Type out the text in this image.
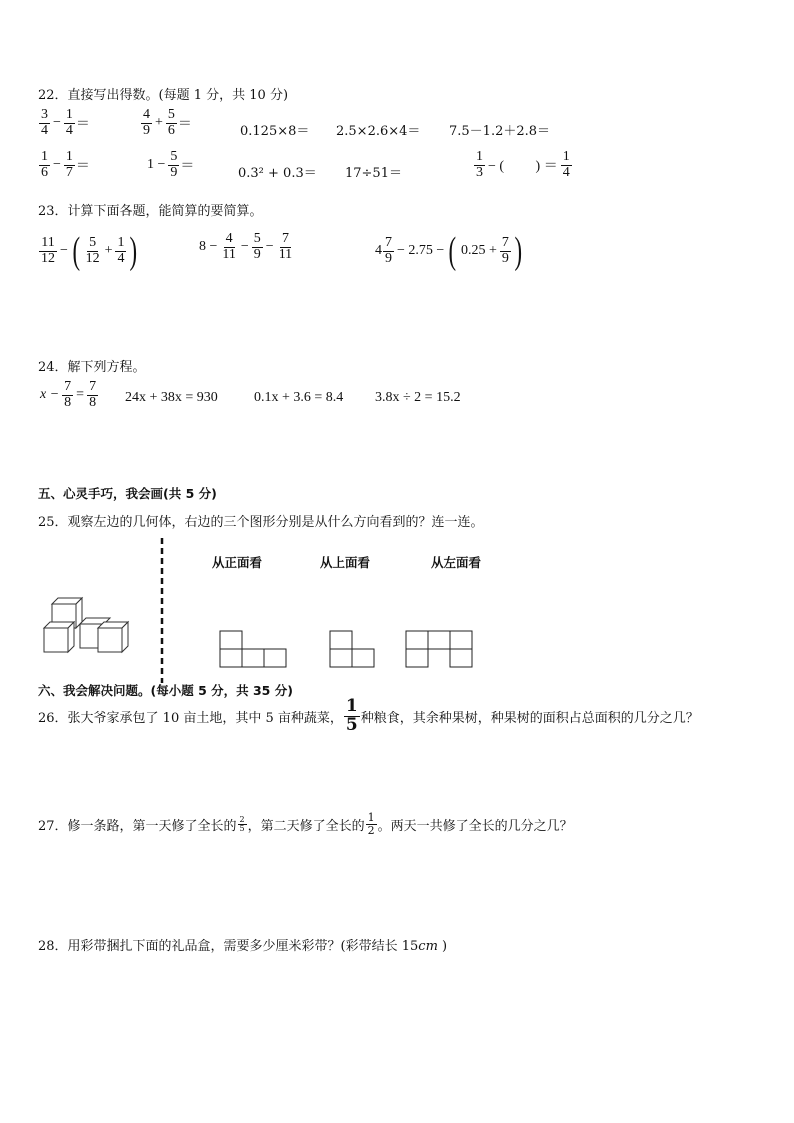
22．直接写出得数。(每题 1 分，共 10 分)
$\frac{3}{4} - \frac{1}{4}$ ＝	$\frac{4}{9} + \frac{5}{6}$ ＝	0.125×8＝ 2.5×2.6×4＝ 7.5－1.2＋2.8＝
$\frac{1}{6} - \frac{1}{7}$ ＝	$1 - \frac{5}{9}$ ＝	0.3² + 0.3＝ 17÷51＝	$\frac{1}{3}$ − (　　 ) ＝ $\frac{1}{4}$
23．计算下面各题，能简算的要简算。
$\frac{11}{12}$ − ( $\frac{5}{12} + \frac{1}{4}$ )	$8 - \frac{4}{11} - \frac{5}{9} - \frac{7}{11}$	$4 \frac{7}{9} - 2.75$ − ( $0.25 + \frac{7}{9}$ )
24．解下列方程。
$x - \frac{7}{8} = \frac{7}{8} 24x + 38x = 930$	0.1x + 3.6 = 8.4 3.8x ÷ 2 = 15.2
五、心灵手巧，我会画(共 5 分)
25．观察左边的几何体，右边的三个图形分别是从什么方向看到的？连一连。
从正面看	从上面看	从左面看
六、我会解决问题。(每小题 5 分，共 35 分)
26．张大爷家承包了 10 亩土地，其中 5 亩种蔬菜， $\frac{1}{5}$ 种粮食，其余种果树，种果树的面积占总面积的几分之几？
27．修一条路，第一天修了全长的 $\frac{2}{5}$ ，第二天修了全长的 $\frac{1}{2}$ 。两天一共修了全长的几分之几？
28．用彩带捆扎下面的礼品盒，需要多少厘米彩带？(彩带结长 15cm )
